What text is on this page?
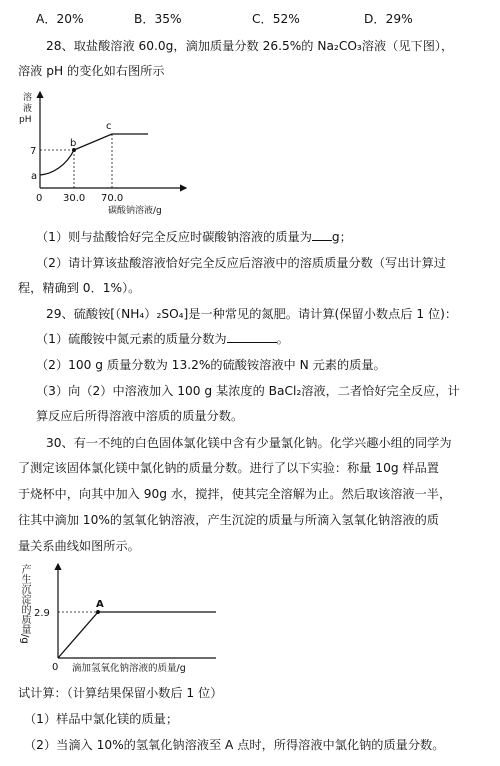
A．20%	B．35%	C．52%	D．29%
28、取盐酸溶液 60.0g，滴加质量分数 26.5%的 Na₂CO₃溶液（见下图），
溶液 pH 的变化如右图所示
溶
液
pH
7
a
b
c
0 30.0 70.0
碳酸钠溶液/g
（1）则与盐酸恰好完全反应时碳酸钠溶液的质量为 g；
（2）请计算该盐酸溶液恰好完全反应后溶液中的溶质质量分数（写出计算过
程，精确到 0．1%）。
29、硫酸铵[（NH₄）₂SO₄]是一种常见的氮肥。请计算(保留小数点后 1 位)：
（1）硫酸铵中氮元素的质量分数为	。
（2）100 g 质量分数为 13.2%的硫酸铵溶液中 N 元素的质量。
（3）向（2）中溶液加入 100 g 某浓度的 BaCl₂溶液，二者恰好完全反应，计
算反应后所得溶液中溶质的质量分数。
30、有一不纯的白色固体氯化镁中含有少量氯化钠。化学兴趣小组的同学为
了测定该固体氯化镁中氯化钠的质量分数。进行了以下实验：称量 10g 样品置
于烧杯中，向其中加入 90g 水，搅拌，使其完全溶解为止。然后取该溶液一半，
往其中滴加 10%的氢氧化钠溶液，产生沉淀的质量与所滴入氢氧化钠溶液的质
量关系曲线如图所示。
产生沉淀的质量/g	A
2.9
0 滴加氢氧化钠溶液的质量/g
试计算：（计算结果保留小数后 1 位）
（1）样品中氯化镁的质量；
（2）当滴入 10%的氢氧化钠溶液至 A 点时，所得溶液中氯化钠的质量分数。
